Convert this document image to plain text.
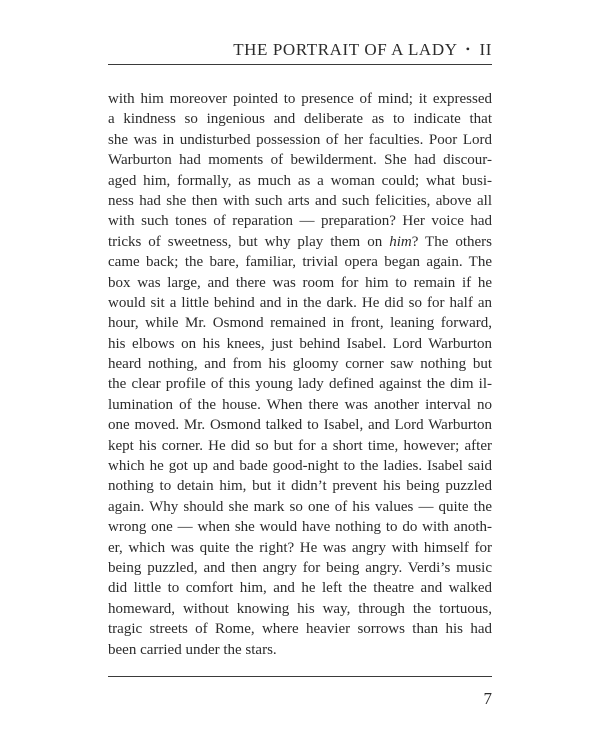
THE PORTRAIT OF A LADY • II
with him moreover pointed to presence of mind; it expressed
a kindness so ingenious and deliberate as to indicate that
she was in undisturbed possession of her faculties. Poor Lord
Warburton had moments of bewilderment. She had discour-
aged him, formally, as much as a woman could; what busi-
ness had she then with such arts and such felicities, above all
with such tones of reparation — preparation? Her voice had
tricks of sweetness, but why play them on him? The others
came back; the bare, familiar, trivial opera began again. The
box was large, and there was room for him to remain if he
would sit a little behind and in the dark. He did so for half an
hour, while Mr. Osmond remained in front, leaning forward,
his elbows on his knees, just behind Isabel. Lord Warburton
heard nothing, and from his gloomy corner saw nothing but
the clear profile of this young lady defined against the dim il-
lumination of the house. When there was another interval no
one moved. Mr. Osmond talked to Isabel, and Lord Warburton
kept his corner. He did so but for a short time, however; after
which he got up and bade good-night to the ladies. Isabel said
nothing to detain him, but it didn’t prevent his being puzzled
again. Why should she mark so one of his values — quite the
wrong one — when she would have nothing to do with anoth-
er, which was quite the right? He was angry with himself for
being puzzled, and then angry for being angry. Verdi’s music
did little to comfort him, and he left the theatre and walked
homeward, without knowing his way, through the tortuous,
tragic streets of Rome, where heavier sorrows than his had
been carried under the stars.
7
